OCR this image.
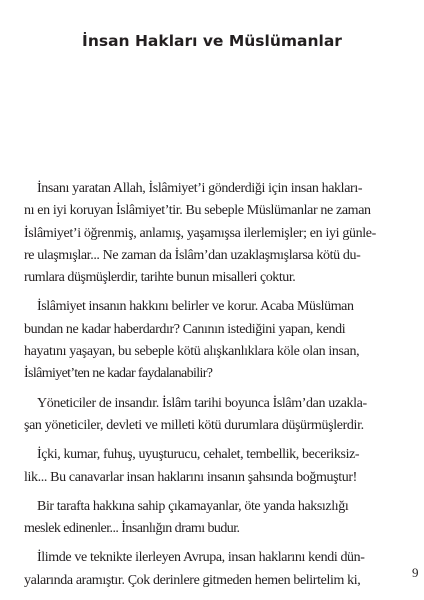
İnsan Hakları ve Müslümanlar

İnsanı yaratan Allah, İslâmiyet’i gönderdiği için insan hakları-
nı en iyi koruyan İslâmiyet’tir. Bu sebeple Müslümanlar ne zaman
İslâmiyet’i öğrenmiş, anlamış, yaşamışsa ilerlemişler; en iyi günle-
re ulaşmışlar... Ne zaman da İslâm’dan uzaklaşmışlarsa kötü du-
rumlara düşmüşlerdir, tarihte bunun misalleri çoktur.

İslâmiyet insanın hakkını belirler ve korur. Acaba Müslüman
bundan ne kadar haberdardır? Canının istediğini yapan, kendi
hayatını yaşayan, bu sebeple kötü alışkanlıklara köle olan insan,
İslâmiyet’ten ne kadar faydalanabilir?

Yöneticiler de insandır. İslâm tarihi boyunca İslâm’dan uzakla-
şan yöneticiler, devleti ve milleti kötü durumlara düşürmüşlerdir.

İçki, kumar, fuhuş, uyuşturucu, cehalet, tembellik, beceriksiz-
lik... Bu canavarlar insan haklarını insanın şahsında boğmuştur!

Bir tarafta hakkına sahip çıkamayanlar, öte yanda haksızlığı
meslek edinenler... İnsanlığın dramı budur.

İlimde ve teknikte ilerleyen Avrupa, insan haklarını kendi dün-
yalarında aramıştır. Çok derinlere gitmeden hemen belirtelim ki,

9
